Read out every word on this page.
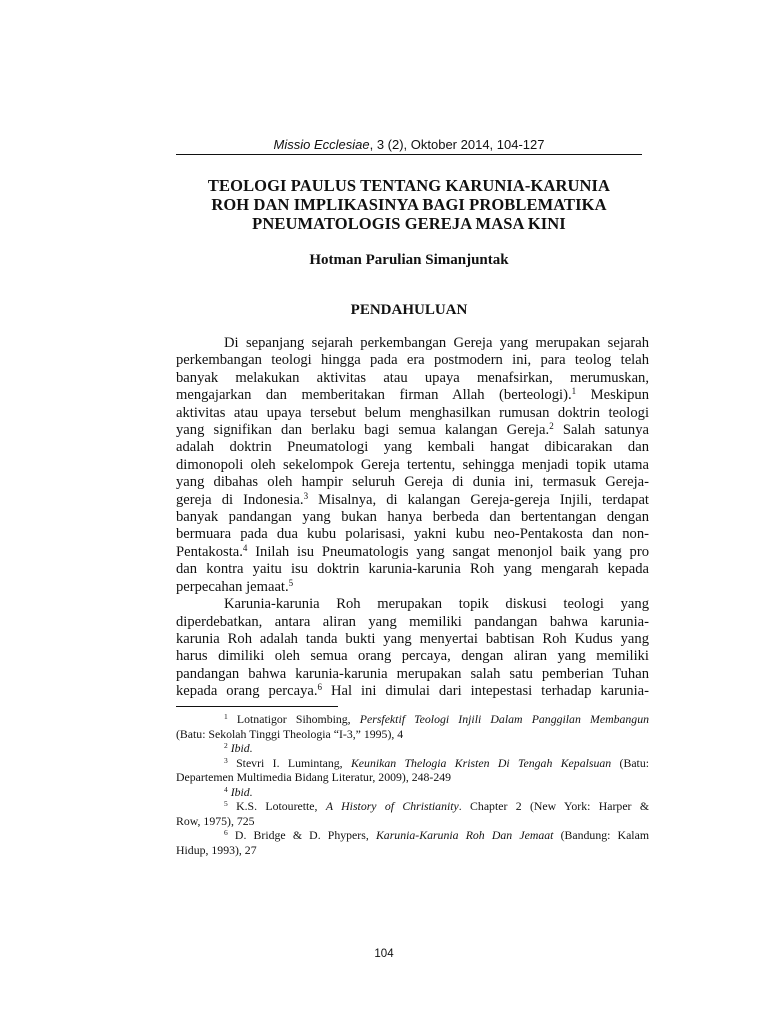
Missio Ecclesiae, 3 (2), Oktober 2014, 104-127
TEOLOGI PAULUS TENTANG KARUNIA-KARUNIA
ROH DAN IMPLIKASINYA BAGI PROBLEMATIKA
PNEUMATOLOGIS GEREJA MASA KINI
Hotman Parulian Simanjuntak
PENDAHULUAN
Di sepanjang sejarah perkembangan Gereja yang merupakan sejarah
perkembangan teologi hingga pada era postmodern ini, para teolog telah
banyak melakukan aktivitas atau upaya menafsirkan, merumuskan,
mengajarkan dan memberitakan firman Allah (berteologi).$^1$ Meskipun
aktivitas atau upaya tersebut belum menghasilkan rumusan doktrin teologi
yang signifikan dan berlaku bagi semua kalangan Gereja.$^2$ Salah satunya
adalah doktrin Pneumatologi yang kembali hangat dibicarakan dan
dimonopoli oleh sekelompok Gereja tertentu, sehingga menjadi topik utama
yang dibahas oleh hampir seluruh Gereja di dunia ini, termasuk Gereja-
gereja di Indonesia.$^3$ Misalnya, di kalangan Gereja-gereja Injili, terdapat
banyak pandangan yang bukan hanya berbeda dan bertentangan dengan
bermuara pada dua kubu polarisasi, yakni kubu neo-Pentakosta dan non-
Pentakosta.$^4$ Inilah isu Pneumatologis yang sangat menonjol baik yang pro
dan kontra yaitu isu doktrin karunia-karunia Roh yang mengarah kepada
perpecahan jemaat.$^5$
Karunia-karunia Roh merupakan topik diskusi teologi yang
diperdebatkan, antara aliran yang memiliki pandangan bahwa karunia-
karunia Roh adalah tanda bukti yang menyertai babtisan Roh Kudus yang
harus dimiliki oleh semua orang percaya, dengan aliran yang memiliki
pandangan bahwa karunia-karunia merupakan salah satu pemberian Tuhan
kepada orang percaya.$^6$ Hal ini dimulai dari intepestasi terhadap karunia-
$^1$ Lotnatigor Sihombing, Persfektif Teologi Injili Dalam Panggilan Membangun
(Batu: Sekolah Tinggi Theologia “I-3,” 1995), 4
$^2$ Ibid.
$^3$ Stevri I. Lumintang, Keunikan Thelogia Kristen Di Tengah Kepalsuan (Batu:
Departemen Multimedia Bidang Literatur, 2009), 248-249
$^4$ Ibid.
$^5$ K.S. Lotourette, A History of Christianity. Chapter 2 (New York: Harper &
Row, 1975), 725
$^6$ D. Bridge & D. Phypers, Karunia-Karunia Roh Dan Jemaat (Bandung: Kalam
Hidup, 1993), 27
104
